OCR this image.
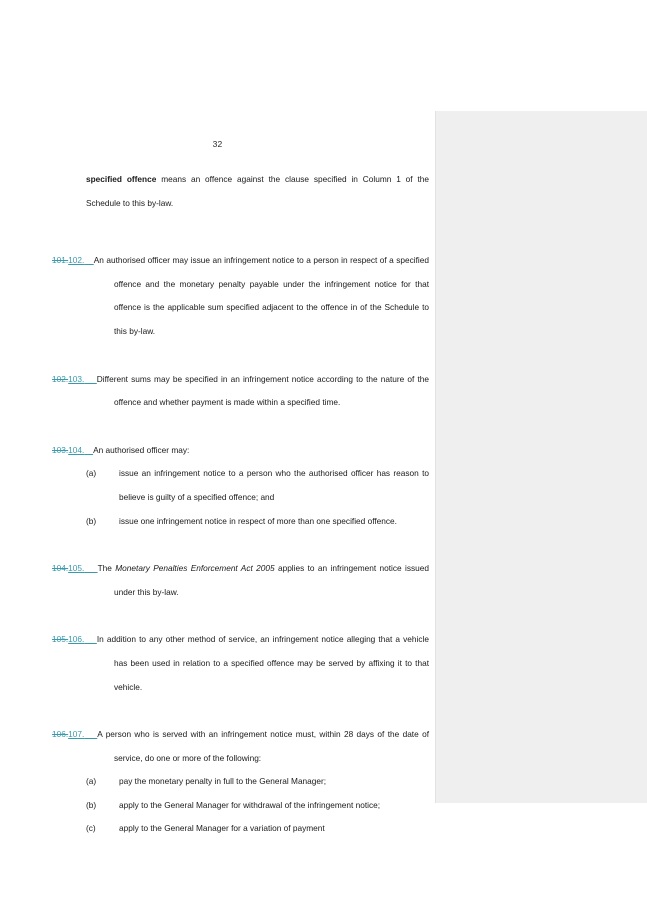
32

specified offence means an offence against the clause specified in Column 1 of the Schedule to this by-law.

101.102. An authorised officer may issue an infringement notice to a person in respect of a specified offence and the monetary penalty payable under the infringement notice for that offence is the applicable sum specified adjacent to the offence in of the Schedule to this by-law.

102.103. Different sums may be specified in an infringement notice according to the nature of the offence and whether payment is made within a specified time.

103.104. An authorised officer may:

(a)	issue an infringement notice to a person who the authorised officer has reason to believe is guilty of a specified offence; and
(b)	issue one infringement notice in respect of more than one specified offence.

104.105. The Monetary Penalties Enforcement Act 2005 applies to an infringement notice issued under this by-law.

105.106. In addition to any other method of service, an infringement notice alleging that a vehicle has been used in relation to a specified offence may be served by affixing it to that vehicle.

106.107. A person who is served with an infringement notice must, within 28 days of the date of service, do one or more of the following:

(a)	pay the monetary penalty in full to the General Manager;
(b)	apply to the General Manager for withdrawal of the infringement notice;
(c)	apply to the General Manager for a variation of payment
